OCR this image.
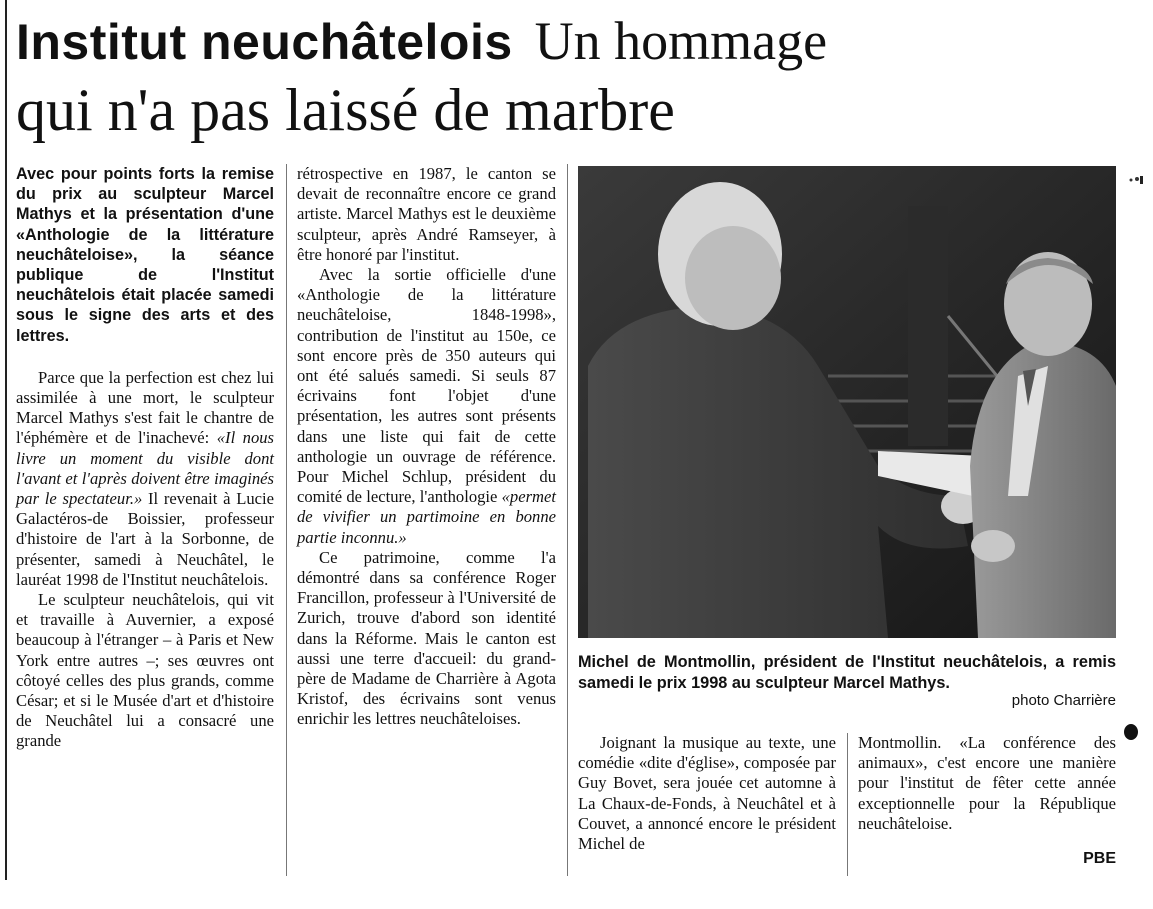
Institut neuchâtelois Un hommage
qui n'a pas laissé de marbre

Avec pour points forts la remise du prix au sculpteur Marcel Mathys et la présentation d'une «Anthologie de la littérature neuchâteloise», la séance publique de l'Institut neuchâtelois était placée samedi sous le signe des arts et des lettres.

Parce que la perfection est chez lui assimilée à une mort, le sculpteur Marcel Mathys s'est fait le chantre de l'éphémère et de l'inachevé: «Il nous livre un moment du visible dont l'avant et l'après doivent être imaginés par le spectateur.» Il revenait à Lucie Galactéros-de Boissier, professeur d'histoire de l'art à la Sorbonne, de présenter, samedi à Neuchâtel, le lauréat 1998 de l'Institut neuchâtelois.

Le sculpteur neuchâtelois, qui vit et travaille à Auvernier, a exposé beaucoup à l'étranger – à Paris et New York entre autres –; ses œuvres ont côtoyé celles des plus grands, comme César; et si le Musée d'art et d'histoire de Neuchâtel lui a consacré une grande

rétrospective en 1987, le canton se devait de reconnaître encore ce grand artiste. Marcel Mathys est le deuxième sculpteur, après André Ramseyer, à être honoré par l'institut.

Avec la sortie officielle d'une «Anthologie de la littérature neuchâteloise, 1848-1998», contribution de l'institut au 150e, ce sont encore près de 350 auteurs qui ont été salués samedi. Si seuls 87 écrivains font l'objet d'une présentation, les autres sont présents dans une liste qui fait de cette anthologie un ouvrage de référence. Pour Michel Schlup, président du comité de lecture, l'anthologie «permet de vivifier un partimoine en bonne partie inconnu.»

Ce patrimoine, comme l'a démontré dans sa conférence Roger Francillon, professeur à l'Université de Zurich, trouve d'abord son identité dans la Réforme. Mais le canton est aussi une terre d'accueil: du grand-père de Madame de Charrière à Agota Kristof, des écrivains sont venus enrichir les lettres neuchâteloises.

Michel de Montmollin, président de l'Institut neuchâtelois, a remis samedi le prix 1998 au sculpteur Marcel Mathys.

photo Charrière

Joignant la musique au texte, une comédie «dite d'église», composée par Guy Bovet, sera jouée cet automne à La Chaux-de-Fonds, à Neuchâtel et à Couvet, a annoncé encore le président Michel de

Montmollin. «La conférence des animaux», c'est encore une manière pour l'institut de fêter cette année exceptionnelle pour la République neuchâteloise.

PBE
